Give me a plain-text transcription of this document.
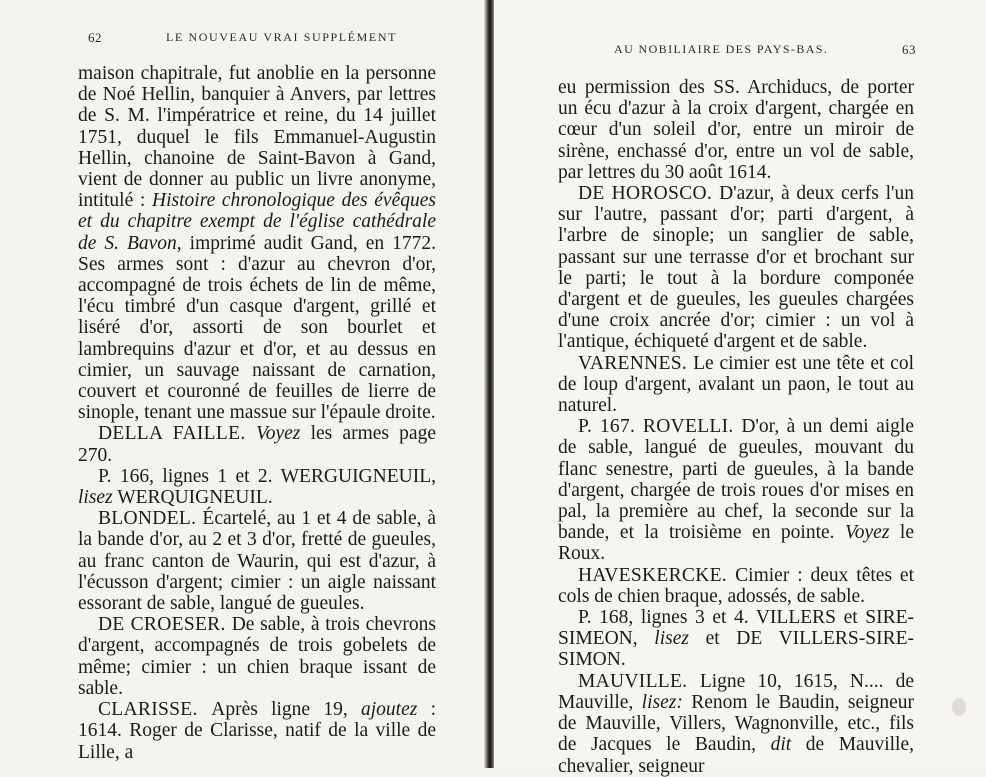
62	LE NOUVEAU VRAI SUPPLÉMENT

maison chapitrale, fut anoblie en la personne de Noé Hellin, banquier à Anvers, par lettres de S. M. l'impératrice et reine, du 14 juillet 1751, duquel le fils Emmanuel-Augustin Hellin, chanoine de Saint-Bavon à Gand, vient de donner au public un livre anonyme, intitulé : Histoire chronologique des évêques et du chapitre exempt de l'église cathédrale de S. Bavon, imprimé audit Gand, en 1772. Ses armes sont : d'azur au chevron d'or, accompagné de trois échets de lin de même, l'écu timbré d'un casque d'argent, grillé et liséré d'or, assorti de son bourlet et lambrequins d'azur et d'or, et au dessus en cimier, un sauvage naissant de carnation, couvert et couronné de feuilles de lierre de sinople, tenant une massue sur l'épaule droite.

DELLA FAILLE. Voyez les armes page 270.

P. 166, lignes 1 et 2. WERGUIGNEUIL, lisez WERQUIGNEUIL.

BLONDEL. Écartelé, au 1 et 4 de sable, à la bande d'or, au 2 et 3 d'or, fretté de gueules, au franc canton de Waurin, qui est d'azur, à l'écusson d'argent; cimier : un aigle naissant essorant de sable, langué de gueules.

DE CROESER. De sable, à trois chevrons d'argent, accompagnés de trois gobelets de même; cimier : un chien braque issant de sable.

CLARISSE. Après ligne 19, ajoutez : 1614. Roger de Clarisse, natif de la ville de Lille, a

AU NOBILIAIRE DES PAYS-BAS.	63

eu permission des SS. Archiducs, de porter un écu d'azur à la croix d'argent, chargée en cœur d'un soleil d'or, entre un miroir de sirène, enchassé d'or, entre un vol de sable, par lettres du 30 août 1614.

DE HOROSCO. D'azur, à deux cerfs l'un sur l'autre, passant d'or; parti d'argent, à l'arbre de sinople; un sanglier de sable, passant sur une terrasse d'or et brochant sur le parti; le tout à la bordure componée d'argent et de gueules, les gueules chargées d'une croix ancrée d'or; cimier : un vol à l'antique, échiqueté d'argent et de sable.

VARENNES. Le cimier est une tête et col de loup d'argent, avalant un paon, le tout au naturel.

P. 167. ROVELLI. D'or, à un demi aigle de sable, langué de gueules, mouvant du flanc senestre, parti de gueules, à la bande d'argent, chargée de trois roues d'or mises en pal, la première au chef, la seconde sur la bande, et la troisième en pointe. Voyez le Roux.

HAVESKERCKE. Cimier : deux têtes et cols de chien braque, adossés, de sable.

P. 168, lignes 3 et 4. VILLERS et SIRE-SIMEON, lisez et DE VILLERS-SIRE-SIMON.

MAUVILLE. Ligne 10, 1615, N.... de Mauville, lisez: Renom le Baudin, seigneur de Mauville, Villers, Wagnonville, etc., fils de Jacques le Baudin, dit de Mauville, chevalier, seigneur
